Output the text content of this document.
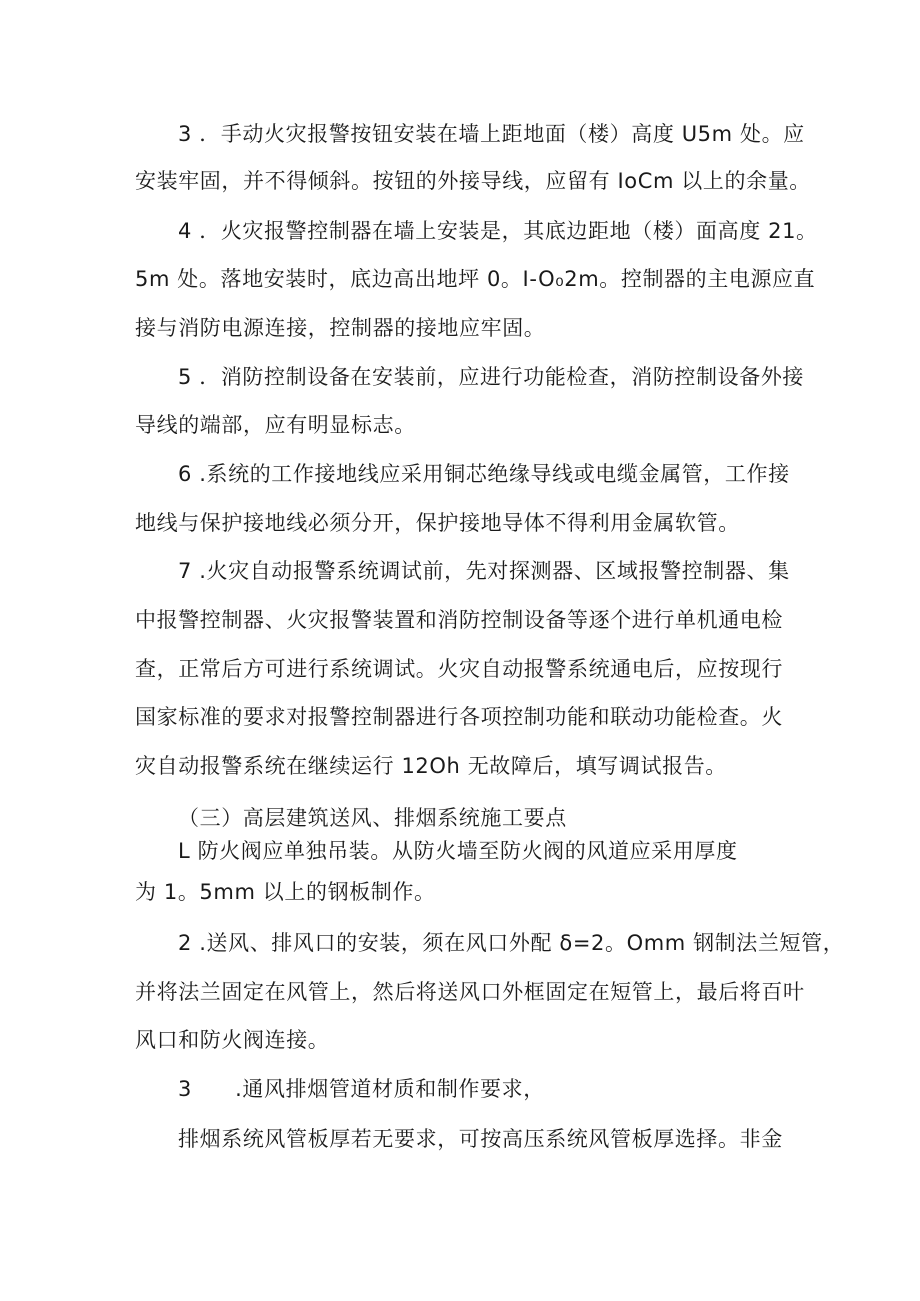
3 ．手动火灾报警按钮安装在墙上距地面（楼）高度 U5m 处。应
安装牢固，并不得倾斜。按钮的外接导线，应留有 IoCm 以上的余量。
4 ．火灾报警控制器在墙上安装是，其底边距地（楼）面高度 21。
5m 处。落地安装时，底边高出地坪 0。I-O₀2m。控制器的主电源应直
接与消防电源连接，控制器的接地应牢固。
5 ．消防控制设备在安装前，应进行功能检查，消防控制设备外接
导线的端部，应有明显标志。
6 .系统的工作接地线应采用铜芯绝缘导线或电缆金属管，工作接
地线与保护接地线必须分开，保护接地导体不得利用金属软管。
7 .火灾自动报警系统调试前，先对探测器、区域报警控制器、集
中报警控制器、火灾报警装置和消防控制设备等逐个进行单机通电检
查，正常后方可进行系统调试。火灾自动报警系统通电后，应按现行
国家标准的要求对报警控制器进行各项控制功能和联动功能检查。火
灾自动报警系统在继续运行 12Oh 无故障后，填写调试报告。
（三）高层建筑送风、排烟系统施工要点
L 防火阀应单独吊装。从防火墙至防火阀的风道应采用厚度
为 1。5mm 以上的钢板制作。
2 .送风、排风口的安装，须在风口外配 δ=2。Omm 钢制法兰短管，
并将法兰固定在风管上，然后将送风口外框固定在短管上，最后将百叶
风口和防火阀连接。
3　　.通风排烟管道材质和制作要求，
排烟系统风管板厚若无要求，可按高压系统风管板厚选择。非金
